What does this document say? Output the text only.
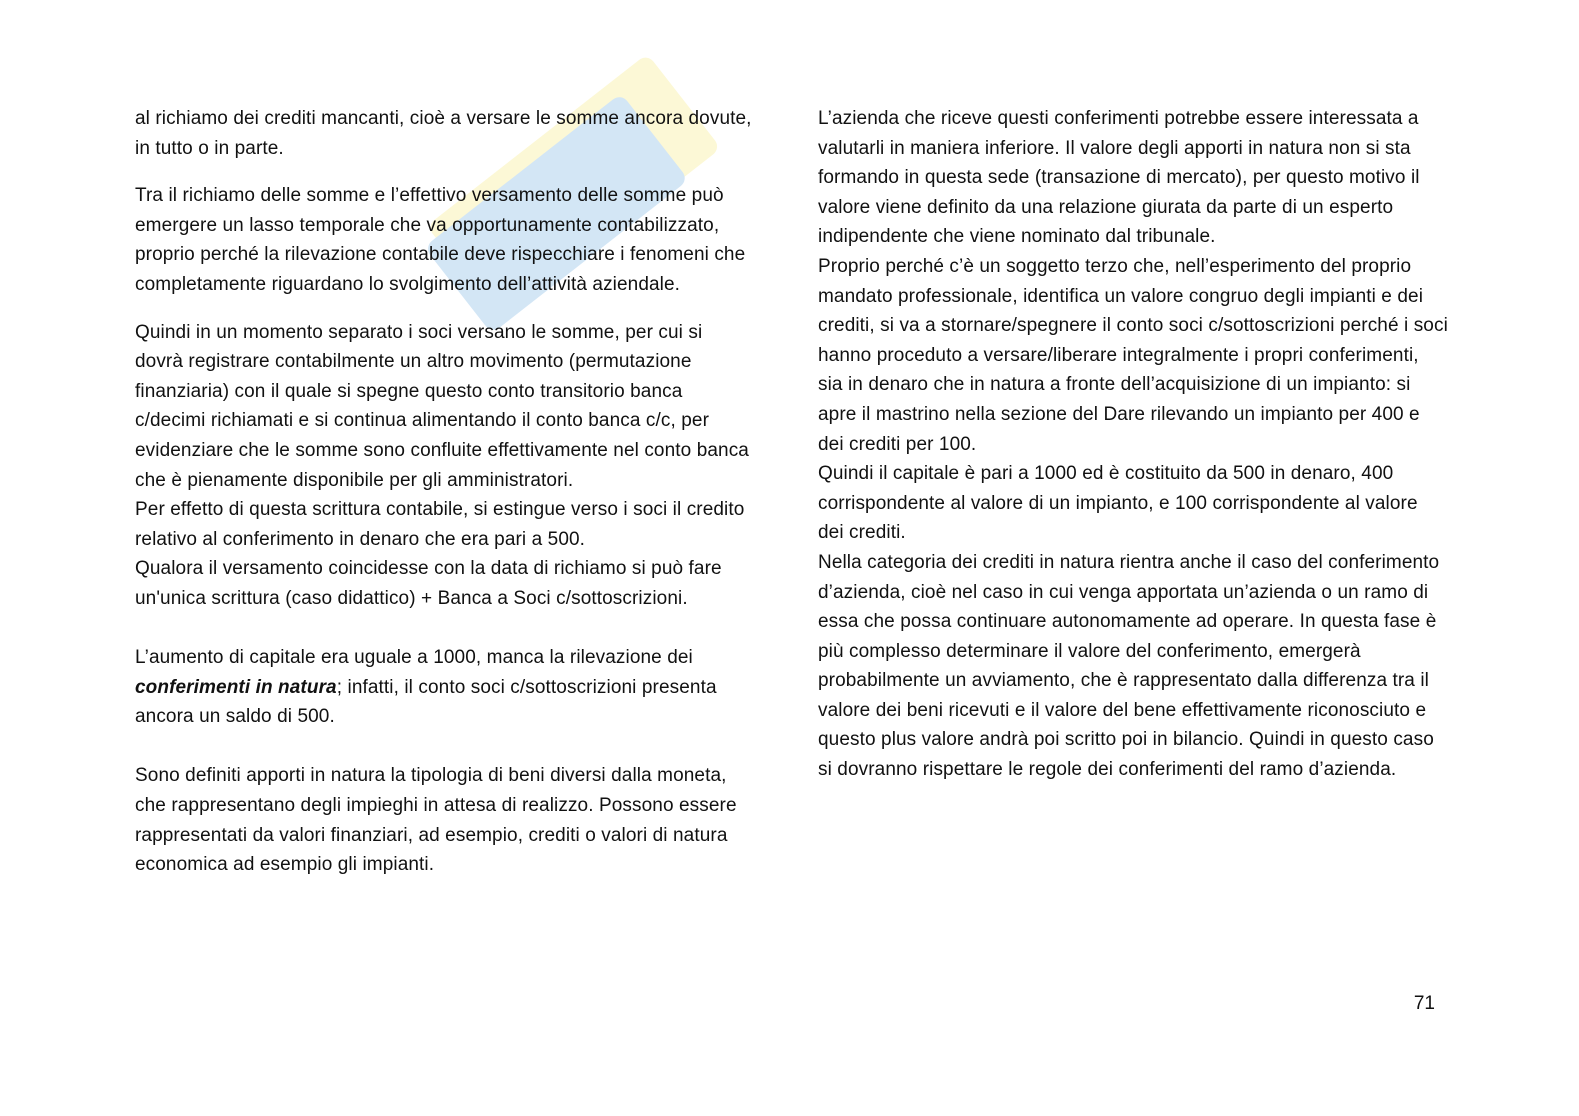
al richiamo dei crediti mancanti, cioè a versare le somme ancora dovute, in tutto o in parte.

Tra il richiamo delle somme e l’effettivo versamento delle somme può emergere un lasso temporale che va opportunamente contabilizzato, proprio perché la rilevazione contabile deve rispecchiare i fenomeni che completamente riguardano lo svolgimento dell’attività aziendale.

Quindi in un momento separato i soci versano le somme, per cui si dovrà registrare contabilmente un altro movimento (permutazione finanziaria) con il quale si spegne questo conto transitorio banca c/decimi richiamati e si continua alimentando il conto banca c/c, per evidenziare che le somme sono confluite effettivamente nel conto banca che è pienamente disponibile per gli amministratori.

Per effetto di questa scrittura contabile, si estingue verso i soci il credito relativo al conferimento in denaro che era pari a 500.

Qualora il versamento coincidesse con la data di richiamo si può fare un'unica scrittura (caso didattico) + Banca a Soci c/sottoscrizioni.

L’aumento di capitale era uguale a 1000, manca la rilevazione dei conferimenti in natura; infatti, il conto soci c/sottoscrizioni presenta ancora un saldo di 500.

Sono definiti apporti in natura la tipologia di beni diversi dalla moneta, che rappresentano degli impieghi in attesa di realizzo. Possono essere rappresentati da valori finanziari, ad esempio, crediti o valori di natura economica ad esempio gli impianti.

L’azienda che riceve questi conferimenti potrebbe essere interessata a valutarli in maniera inferiore. Il valore degli apporti in natura non si sta formando in questa sede (transazione di mercato), per questo motivo il valore viene definito da una relazione giurata da parte di un esperto indipendente che viene nominato dal tribunale.

Proprio perché c’è un soggetto terzo che, nell’esperimento del proprio mandato professionale, identifica un valore congruo degli impianti e dei crediti, si va a stornare/spegnere il conto soci c/sottoscrizioni perché i soci hanno proceduto a versare/liberare integralmente i propri conferimenti, sia in denaro che in natura a fronte dell’acquisizione di un impianto: si apre il mastrino nella sezione del Dare rilevando un impianto per 400 e dei crediti per 100.

Quindi il capitale è pari a 1000 ed è costituito da 500 in denaro, 400 corrispondente al valore di un impianto, e 100 corrispondente al valore dei crediti.

Nella categoria dei crediti in natura rientra anche il caso del conferimento d’azienda, cioè nel caso in cui venga apportata un’azienda o un ramo di essa che possa continuare autonomamente ad operare. In questa fase è più complesso determinare il valore del conferimento, emergerà probabilmente un avviamento, che è rappresentato dalla differenza tra il valore dei beni ricevuti e il valore del bene effettivamente riconosciuto e questo plus valore andrà poi scritto poi in bilancio. Quindi in questo caso si dovranno rispettare le regole dei conferimenti del ramo d’azienda.

71
